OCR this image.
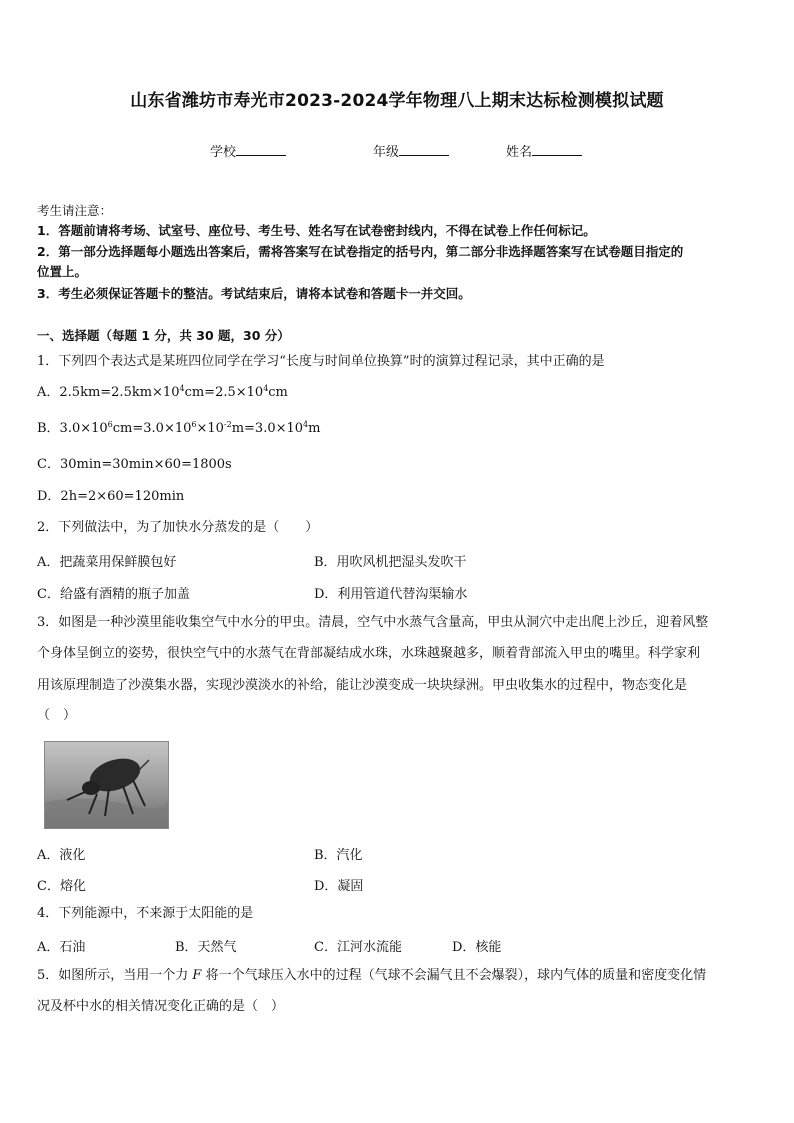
山东省潍坊市寿光市2023-2024学年物理八上期末达标检测模拟试题
学校	年级	姓名
考生请注意：
1．答题前请将考场、试室号、座位号、考生号、姓名写在试卷密封线内，不得在试卷上作任何标记。
2．第一部分选择题每小题选出答案后，需将答案写在试卷指定的括号内，第二部分非选择题答案写在试卷题目指定的
位置上。
3．考生必须保证答题卡的整洁。考试结束后，请将本试卷和答题卡一并交回。
一、选择题（每题 1 分，共 30 题，30 分）
1．下列四个表达式是某班四位同学在学习“长度与时间单位换算”时的演算过程记录，其中正确的是
A．$2.5km=2.5km\times 10^4cm=2.5\times 10^4cm$
B．$3.0\times 10^6cm=3.0\times 10^6\times 10^{-2}m=3.0\times 10^4m$
C．30min=30min×60=1800s
D．2h=2×60=120min
2．下列做法中，为了加快水分蒸发的是（　　）
A．把蔬菜用保鲜膜包好	B．用吹风机把湿头发吹干
C．给盛有酒精的瓶子加盖	D．利用管道代替沟渠输水
3．如图是一种沙漠里能收集空气中水分的甲虫。清晨，空气中水蒸气含量高，甲虫从洞穴中走出爬上沙丘，迎着风整
个身体呈倒立的姿势，很快空气中的水蒸气在背部凝结成水珠，水珠越聚越多，顺着背部流入甲虫的嘴里。科学家利
用该原理制造了沙漠集水器，实现沙漠淡水的补给，能让沙漠变成一块块绿洲。甲虫收集水的过程中，物态变化是
（　）
A．液化	B．汽化
C．熔化	D．凝固
4．下列能源中，不来源于太阳能的是
A．石油	B．天然气	C．江河水流能	D．核能
5．如图所示，当用一个力 F 将一个气球压入水中的过程（气球不会漏气且不会爆裂），球内气体的质量和密度变化情
况及杯中水的相关情况变化正确的是（　）
